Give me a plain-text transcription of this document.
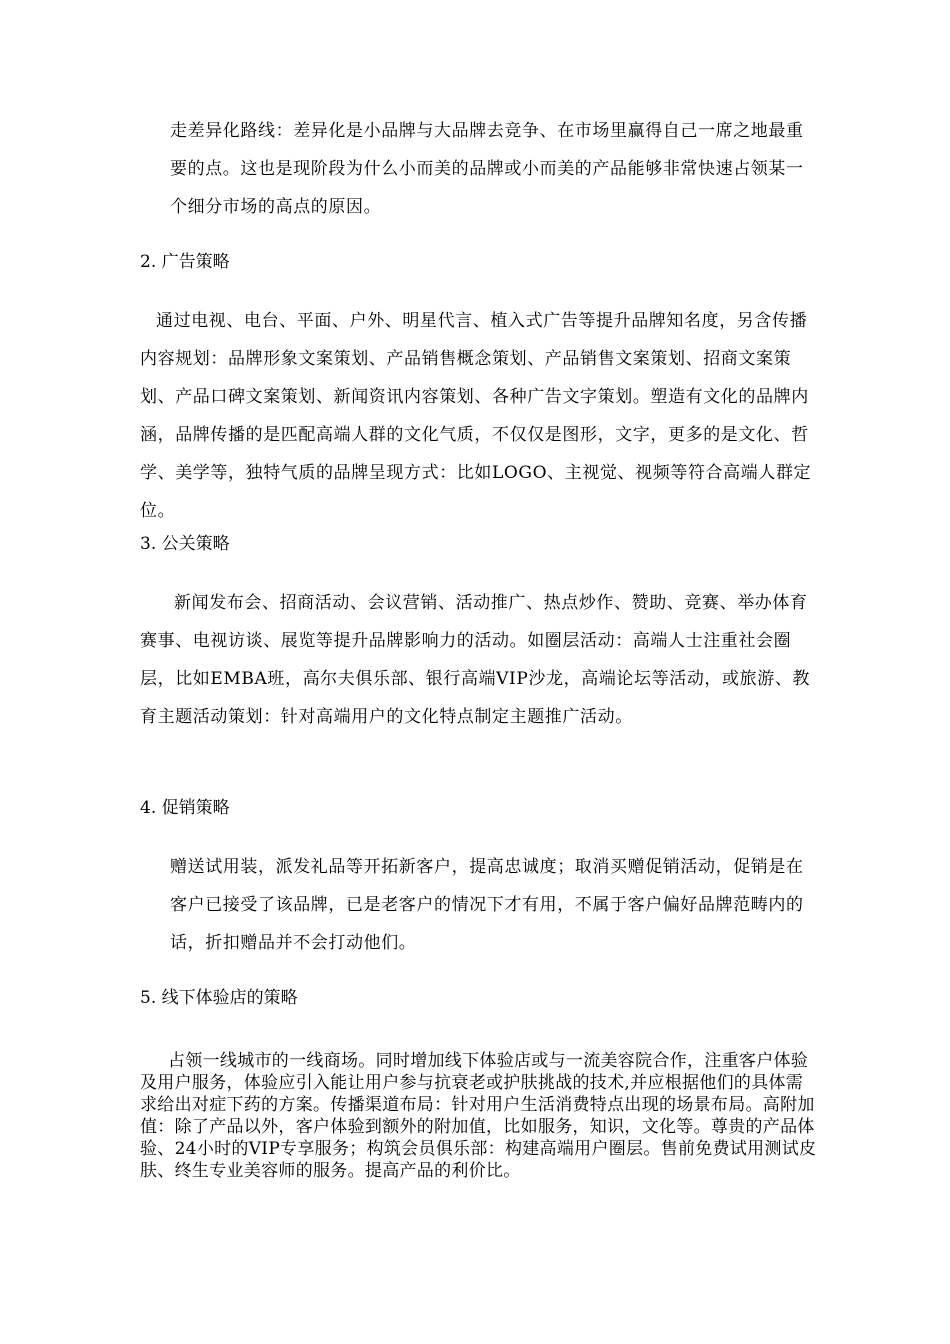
走差异化路线：差异化是小品牌与大品牌去竞争、在市场里赢得自己一席之地最重要的点。这也是现阶段为什么小而美的品牌或小而美的产品能够非常快速占领某一个细分市场的高点的原因。

2. 广告策略

通过电视、电台、平面、户外、明星代言、植入式广告等提升品牌知名度，另含传播内容规划：品牌形象文案策划、产品销售概念策划、产品销售文案策划、招商文案策划、产品口碑文案策划、新闻资讯内容策划、各种广告文字策划。塑造有文化的品牌内涵，品牌传播的是匹配高端人群的文化气质，不仅仅是图形，文字，更多的是文化、哲学、美学等，独特气质的品牌呈现方式：比如LOGO、主视觉、视频等符合高端人群定位。

3. 公关策略

新闻发布会、招商活动、会议营销、活动推广、热点炒作、赞助、竞赛、举办体育赛事、电视访谈、展览等提升品牌影响力的活动。如圈层活动：高端人士注重社会圈层，比如EMBA班，高尔夫俱乐部、银行高端VIP沙龙，高端论坛等活动，或旅游、教育主题活动策划：针对高端用户的文化特点制定主题推广活动。

4. 促销策略

赠送试用装，派发礼品等开拓新客户，提高忠诚度；取消买赠促销活动，促销是在客户已接受了该品牌，已是老客户的情况下才有用，不属于客户偏好品牌范畴内的话，折扣赠品并不会打动他们。

5. 线下体验店的策略

占领一线城市的一线商场。同时增加线下体验店或与一流美容院合作，注重客户体验及用户服务，体验应引入能让用户参与抗衰老或护肤挑战的技术,并应根据他们的具体需求给出对症下药的方案。传播渠道布局：针对用户生活消费特点出现的场景布局。高附加值：除了产品以外，客户体验到额外的附加值，比如服务，知识，文化等。尊贵的产品体验、24小时的VIP专享服务；构筑会员俱乐部：构建高端用户圈层。售前免费试用测试皮肤、终生专业美容师的服务。提高产品的利价比。
